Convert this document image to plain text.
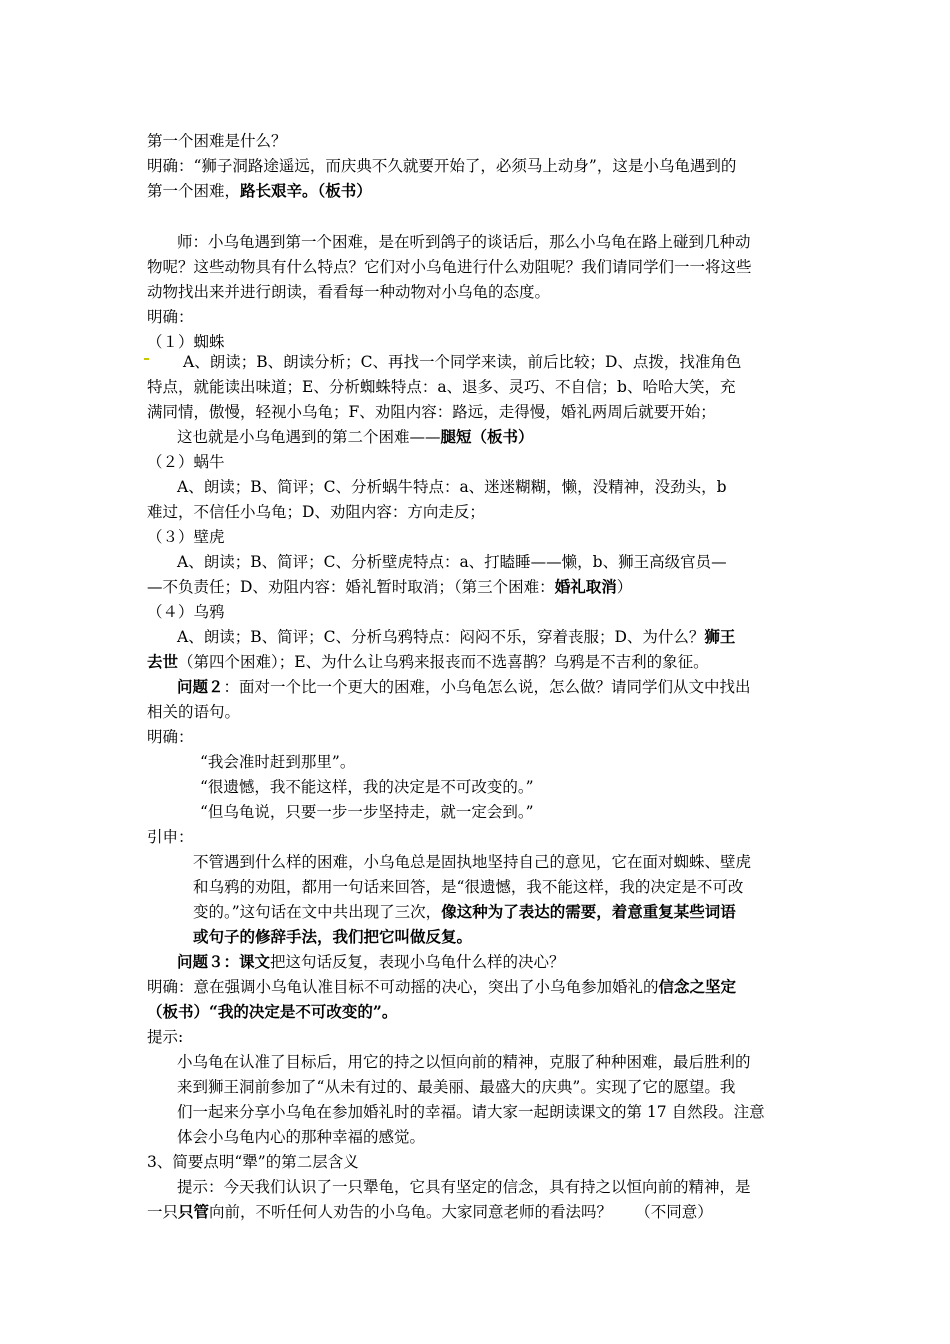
第一个困难是什么？
明确：“狮子洞路途遥远，而庆典不久就要开始了，必须马上动身”，这是小乌龟遇到的
第一个困难，路长艰辛。（板书）
师：小乌龟遇到第一个困难，是在听到鸽子的谈话后，那么小乌龟在路上碰到几种动
物呢？这些动物具有什么特点？它们对小乌龟进行什么劝阻呢？我们请同学们一一将这些
动物找出来并进行朗读，看看每一种动物对小乌龟的态度。
明确：
（１）蜘蛛
A、朗读；B、朗读分析；C、再找一个同学来读，前后比较；D、点拨，找准角色
特点，就能读出味道；E、分析蜘蛛特点：a、退多、灵巧、不自信；b、哈哈大笑，充
满同情，傲慢，轻视小乌龟；F、劝阻内容：路远，走得慢，婚礼两周后就要开始；
这也就是小乌龟遇到的第二个困难——腿短（板书）
（２）蜗牛
A、朗读；B、简评；C、分析蜗牛特点：a、迷迷糊糊，懒，没精神，没劲头，b
难过，不信任小乌龟；D、劝阻内容：方向走反；
（３）壁虎
A、朗读；B、简评；C、分析壁虎特点：a、打瞌睡——懒，b、狮王高级官员—
—不负责任；D、劝阻内容：婚礼暂时取消；（第三个困难：婚礼取消）
（４）乌鸦
A、朗读；B、简评；C、分析乌鸦特点：闷闷不乐，穿着丧服；D、为什么？狮王
去世（第四个困难）；E、为什么让乌鸦来报丧而不选喜鹊？乌鸦是不吉利的象征。
问题２：面对一个比一个更大的困难，小乌龟怎么说，怎么做？请同学们从文中找出
相关的语句。
明确：
“我会准时赶到那里”。
“很遗憾，我不能这样，我的决定是不可改变的。”
“但乌龟说，只要一步一步坚持走，就一定会到。”
引申：
不管遇到什么样的困难，小乌龟总是固执地坚持自己的意见，它在面对蜘蛛、壁虎
和乌鸦的劝阻，都用一句话来回答，是“很遗憾，我不能这样，我的决定是不可改
变的。”这句话在文中共出现了三次，像这种为了表达的需要，着意重复某些词语
或句子的修辞手法，我们把它叫做反复。
问题３：课文把这句话反复，表现小乌龟什么样的决心？
明确：意在强调小乌龟认准目标不可动摇的决心，突出了小乌龟参加婚礼的信念之坚定
（板书）“我的决定是不可改变的”。
提示:
小乌龟在认准了目标后，用它的持之以恒向前的精神，克服了种种困难，最后胜利的
来到狮王洞前参加了“从未有过的、最美丽、最盛大的庆典”。实现了它的愿望。我
们一起来分享小乌龟在参加婚礼时的幸福。请大家一起朗读课文的第 17 自然段。注意
体会小乌龟内心的那种幸福的感觉。
3、简要点明“犟”的第二层含义
提示：今天我们认识了一只犟龟，它具有坚定的信念，具有持之以恒向前的精神，是
一只只管向前，不听任何人劝告的小乌龟。大家同意老师的看法吗？　　（不同意）
